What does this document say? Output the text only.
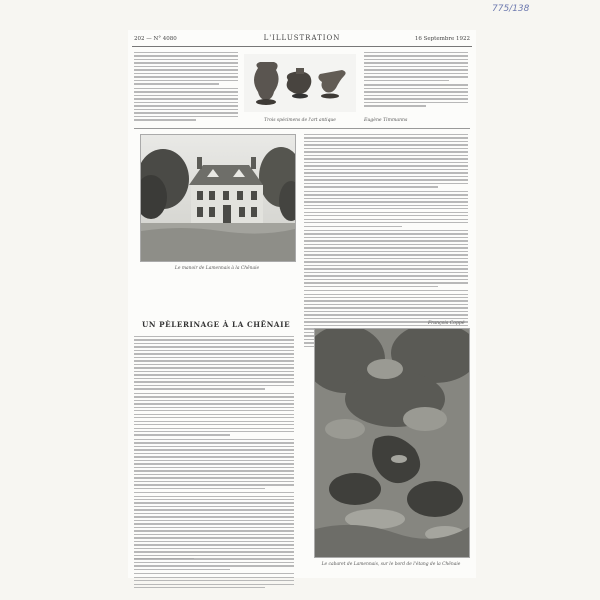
775/138
202 — N° 4080	L'ILLUSTRATION	16 Septembre 1922
Trois spécimens de l'art antique	Eugène Timmanns
Le manoir de Lamennais à la Chênaie
UN PÈLERINAGE À LA CHÊNAIE	François Coppé
Le cabaret de Lamennais, sur le bord de l'étang de la Chênaie
